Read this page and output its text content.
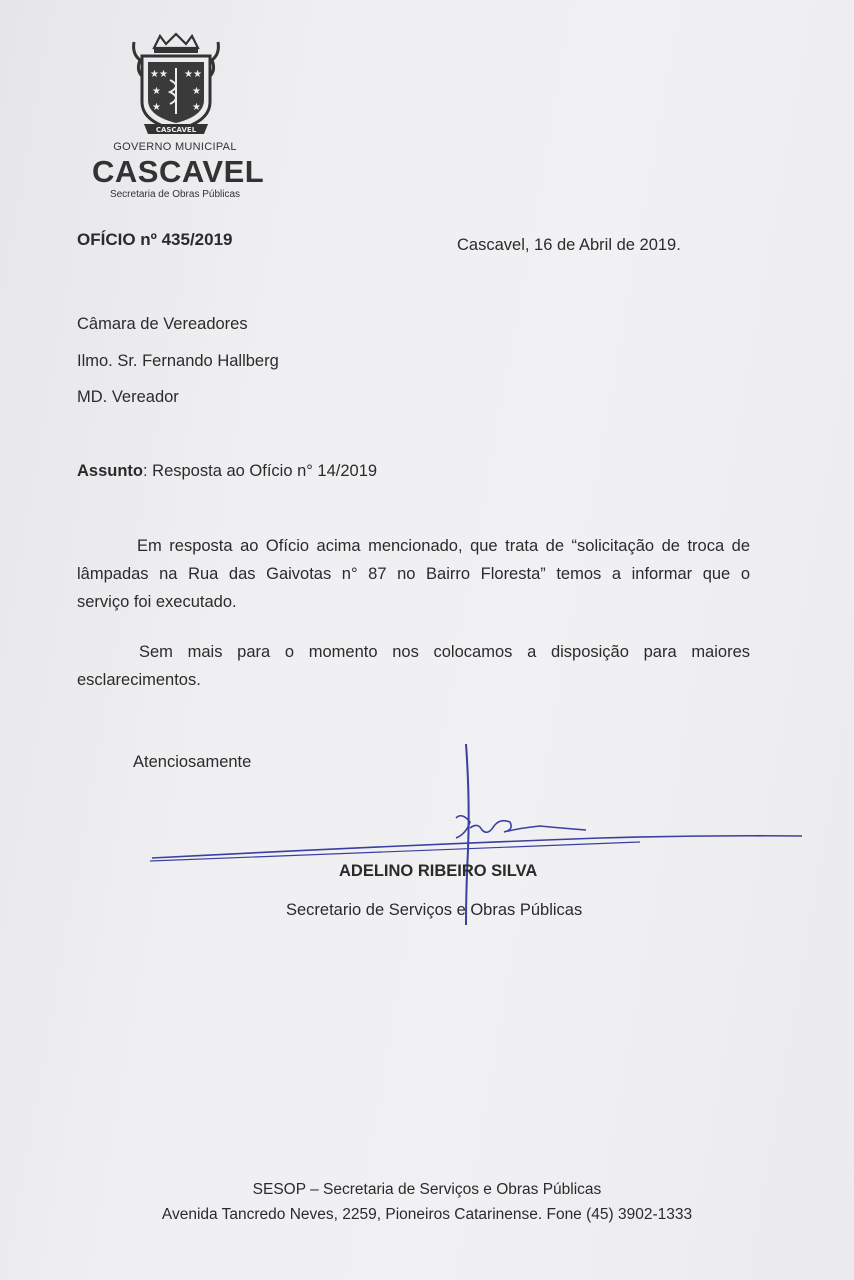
★★ ★★
★	★
★	★
CASCAVEL
GOVERNO MUNICIPAL
CASCAVEL
Secretaria de Obras Públicas
OFÍCIO nº 435/2019	Cascavel, 16 de Abril de 2019.
Câmara de Vereadores
Ilmo. Sr. Fernando Hallberg
MD. Vereador
Assunto: Resposta ao Ofício n° 14/2019
Em resposta ao Ofício acima mencionado, que trata de “solicitação de troca de
lâmpadas na Rua das Gaivotas n° 87 no Bairro Floresta” temos a informar que o
serviço foi executado.
Sem mais para o momento nos colocamos a disposição para maiores
esclarecimentos.
Atenciosamente
ADELINO RIBEIRO SILVA
Secretario de Serviços e Obras Públicas
SESOP – Secretaria de Serviços e Obras Públicas
Avenida Tancredo Neves, 2259, Pioneiros Catarinense. Fone (45) 3902-1333
